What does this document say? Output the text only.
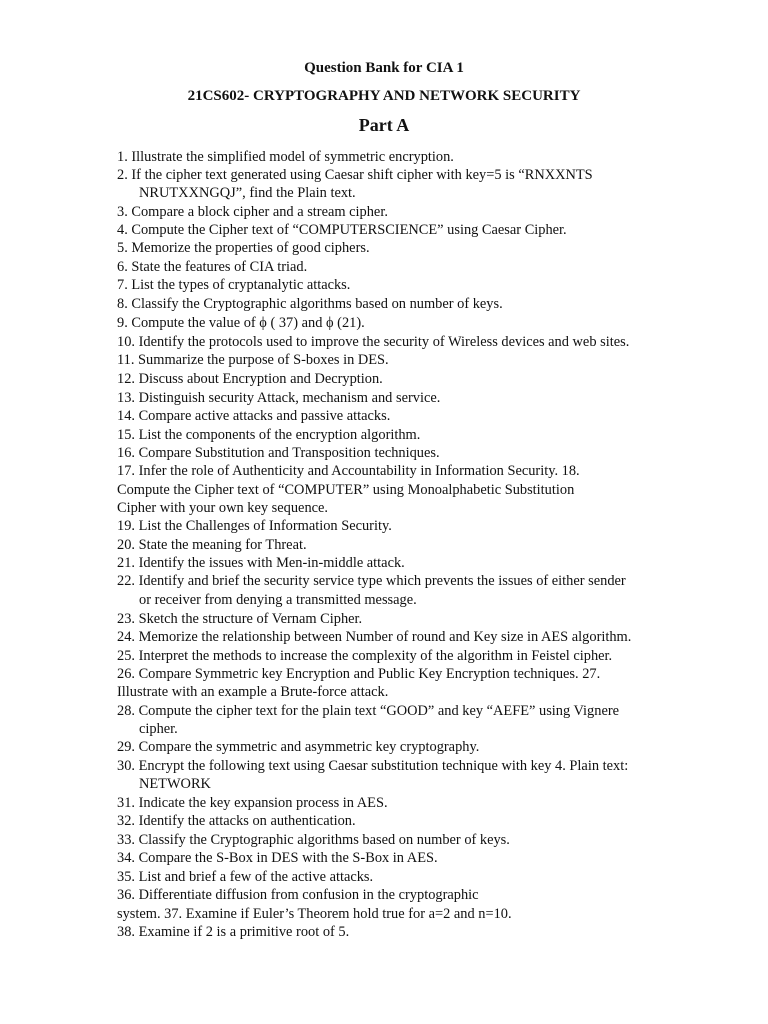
Question Bank for CIA 1
21CS602- CRYPTOGRAPHY AND NETWORK SECURITY
Part A
1. Illustrate the simplified model of symmetric encryption.
2. If the cipher text generated using Caesar shift cipher with key=5 is “RNXXNTS
NRUTXXNGQJ”, find the Plain text.
3. Compare a block cipher and a stream cipher.
4. Compute the Cipher text of “COMPUTERSCIENCE” using Caesar Cipher.
5. Memorize the properties of good ciphers.
6. State the features of CIA triad.
7. List the types of cryptanalytic attacks.
8. Classify the Cryptographic algorithms based on number of keys.
9. Compute the value of ϕ ( 37) and ϕ (21).
10. Identify the protocols used to improve the security of Wireless devices and web sites.
11. Summarize the purpose of S-boxes in DES.
12. Discuss about Encryption and Decryption.
13. Distinguish security Attack, mechanism and service.
14. Compare active attacks and passive attacks.
15. List the components of the encryption algorithm.
16. Compare Substitution and Transposition techniques.
17. Infer the role of Authenticity and Accountability in Information Security. 18.
Compute the Cipher text of “COMPUTER” using Monoalphabetic Substitution
Cipher with your own key sequence.
19. List the Challenges of Information Security.
20. State the meaning for Threat.
21. Identify the issues with Men-in-middle attack.
22. Identify and brief the security service type which prevents the issues of either sender
or receiver from denying a transmitted message.
23. Sketch the structure of Vernam Cipher.
24. Memorize the relationship between Number of round and Key size in AES algorithm.
25. Interpret the methods to increase the complexity of the algorithm in Feistel cipher.
26. Compare Symmetric key Encryption and Public Key Encryption techniques. 27.
Illustrate with an example a Brute-force attack.
28. Compute the cipher text for the plain text “GOOD” and key “AEFE” using Vignere
cipher.
29. Compare the symmetric and asymmetric key cryptography.
30. Encrypt the following text using Caesar substitution technique with key 4. Plain text:
NETWORK
31. Indicate the key expansion process in AES.
32. Identify the attacks on authentication.
33. Classify the Cryptographic algorithms based on number of keys.
34. Compare the S-Box in DES with the S-Box in AES.
35. List and brief a few of the active attacks.
36. Differentiate diffusion from confusion in the cryptographic
system. 37. Examine if Euler’s Theorem hold true for a=2 and n=10.
38. Examine if 2 is a primitive root of 5.
